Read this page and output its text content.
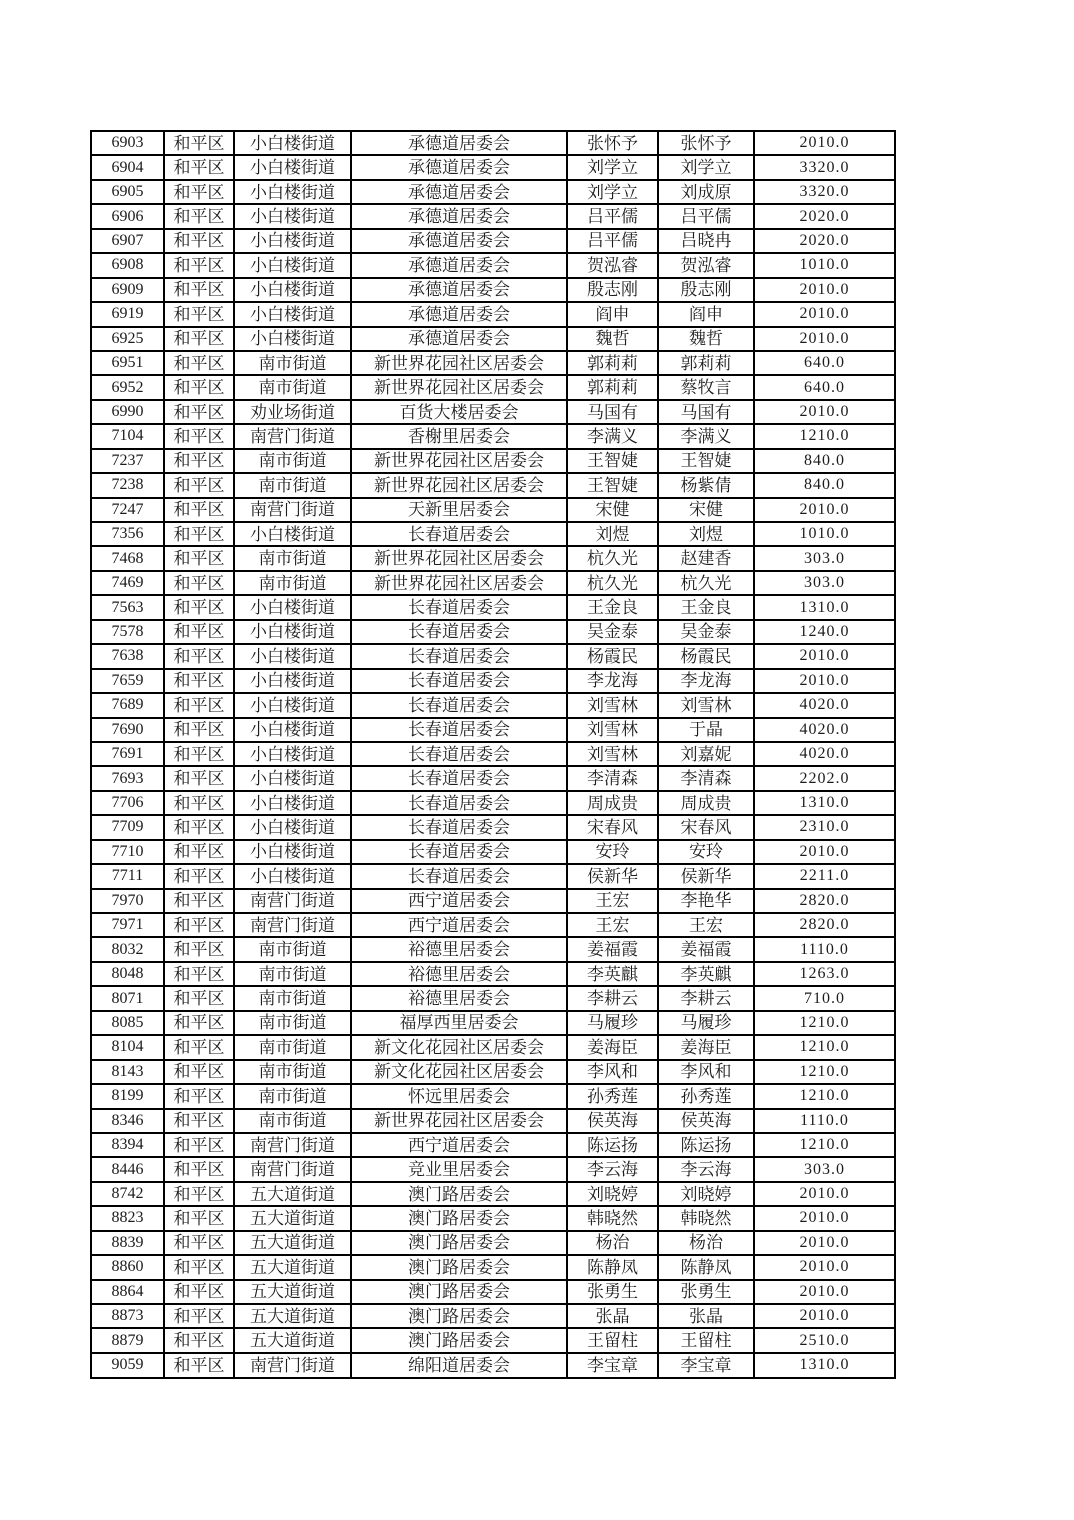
6903	和平区	小白楼街道	承德道居委会	张怀予	张怀予	2010.0
6904	和平区	小白楼街道	承德道居委会	刘学立	刘学立	3320.0
6905	和平区	小白楼街道	承德道居委会	刘学立	刘成原	3320.0
6906	和平区	小白楼街道	承德道居委会	吕平儒	吕平儒	2020.0
6907	和平区	小白楼街道	承德道居委会	吕平儒	吕晓冉	2020.0
6908	和平区	小白楼街道	承德道居委会	贺泓睿	贺泓睿	1010.0
6909	和平区	小白楼街道	承德道居委会	殷志刚	殷志刚	2010.0
6919	和平区	小白楼街道	承德道居委会	阎申	阎申	2010.0
6925	和平区	小白楼街道	承德道居委会	魏哲	魏哲	2010.0
6951	和平区	南市街道	新世界花园社区居委会	郭莉莉	郭莉莉	640.0
6952	和平区	南市街道	新世界花园社区居委会	郭莉莉	蔡牧言	640.0
6990	和平区	劝业场街道	百货大楼居委会	马国有	马国有	2010.0
7104	和平区	南营门街道	香榭里居委会	李满义	李满义	1210.0
7237	和平区	南市街道	新世界花园社区居委会	王智婕	王智婕	840.0
7238	和平区	南市街道	新世界花园社区居委会	王智婕	杨紫倩	840.0
7247	和平区	南营门街道	天新里居委会	宋健	宋健	2010.0
7356	和平区	小白楼街道	长春道居委会	刘煜	刘煜	1010.0
7468	和平区	南市街道	新世界花园社区居委会	杭久光	赵建香	303.0
7469	和平区	南市街道	新世界花园社区居委会	杭久光	杭久光	303.0
7563	和平区	小白楼街道	长春道居委会	王金良	王金良	1310.0
7578	和平区	小白楼街道	长春道居委会	吴金泰	吴金泰	1240.0
7638	和平区	小白楼街道	长春道居委会	杨霞民	杨霞民	2010.0
7659	和平区	小白楼街道	长春道居委会	李龙海	李龙海	2010.0
7689	和平区	小白楼街道	长春道居委会	刘雪林	刘雪林	4020.0
7690	和平区	小白楼街道	长春道居委会	刘雪林	于晶	4020.0
7691	和平区	小白楼街道	长春道居委会	刘雪林	刘嘉妮	4020.0
7693	和平区	小白楼街道	长春道居委会	李清森	李清森	2202.0
7706	和平区	小白楼街道	长春道居委会	周成贵	周成贵	1310.0
7709	和平区	小白楼街道	长春道居委会	宋春风	宋春风	2310.0
7710	和平区	小白楼街道	长春道居委会	安玲	安玲	2010.0
7711	和平区	小白楼街道	长春道居委会	侯新华	侯新华	2211.0
7970	和平区	南营门街道	西宁道居委会	王宏	李艳华	2820.0
7971	和平区	南营门街道	西宁道居委会	王宏	王宏	2820.0
8032	和平区	南市街道	裕德里居委会	姜福霞	姜福霞	1110.0
8048	和平区	南市街道	裕德里居委会	李英麒	李英麒	1263.0
8071	和平区	南市街道	裕德里居委会	李耕云	李耕云	710.0
8085	和平区	南市街道	福厚西里居委会	马履珍	马履珍	1210.0
8104	和平区	南市街道	新文化花园社区居委会	姜海臣	姜海臣	1210.0
8143	和平区	南市街道	新文化花园社区居委会	李风和	李风和	1210.0
8199	和平区	南市街道	怀远里居委会	孙秀莲	孙秀莲	1210.0
8346	和平区	南市街道	新世界花园社区居委会	侯英海	侯英海	1110.0
8394	和平区	南营门街道	西宁道居委会	陈运扬	陈运扬	1210.0
8446	和平区	南营门街道	竞业里居委会	李云海	李云海	303.0
8742	和平区	五大道街道	澳门路居委会	刘晓婷	刘晓婷	2010.0
8823	和平区	五大道街道	澳门路居委会	韩晓然	韩晓然	2010.0
8839	和平区	五大道街道	澳门路居委会	杨治	杨治	2010.0
8860	和平区	五大道街道	澳门路居委会	陈静凤	陈静凤	2010.0
8864	和平区	五大道街道	澳门路居委会	张勇生	张勇生	2010.0
8873	和平区	五大道街道	澳门路居委会	张晶	张晶	2010.0
8879	和平区	五大道街道	澳门路居委会	王留柱	王留柱	2510.0
9059	和平区	南营门街道	绵阳道居委会	李宝章	李宝章	1310.0
